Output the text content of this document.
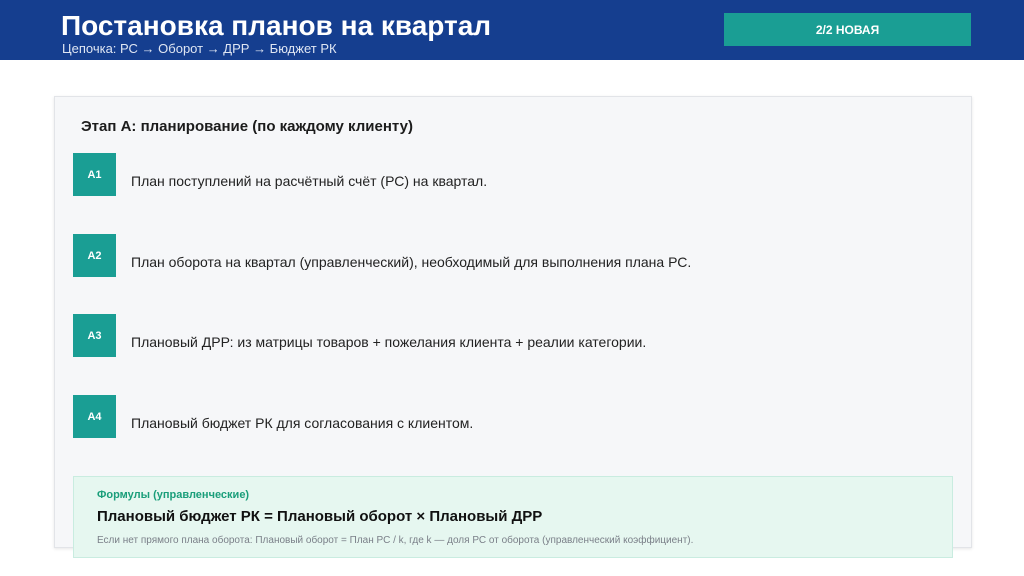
Постановка планов на квартал
Цепочка: РС → Оборот → ДРР → Бюджет РК
2/2 НОВАЯ
Этап А: планирование (по каждому клиенту)
A1	План поступлений на расчётный счёт (РС) на квартал.
A2	План оборота на квартал (управленческий), необходимый для выполнения плана РС.
A3	Плановый ДРР: из матрицы товаров + пожелания клиента + реалии категории.
A4	Плановый бюджет РК для согласования с клиентом.
Формулы (управленческие)
Плановый бюджет РК = Плановый оборот × Плановый ДРР
Если нет прямого плана оборота: Плановый оборот = План РС / k, где k — доля РС от оборота (управленческий коэффициент).
